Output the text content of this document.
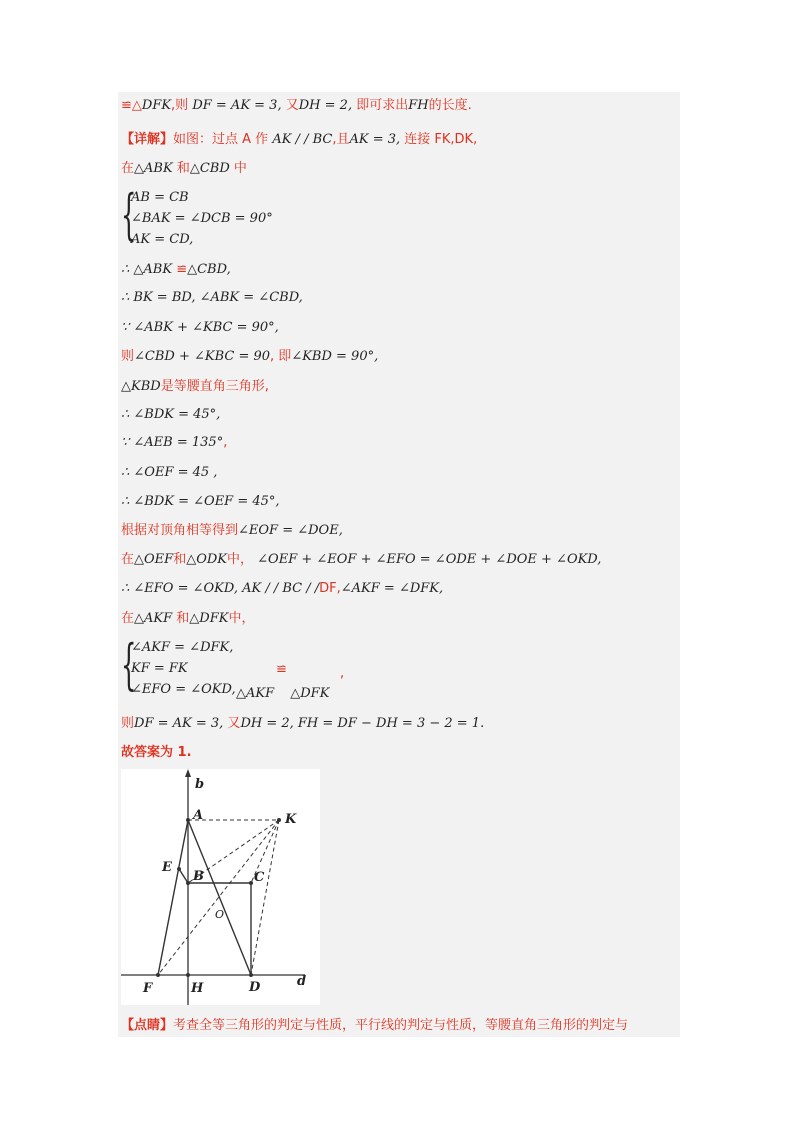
≌△DFK,则 DF = AK = 3, 又DH = 2, 即可求出FH的长度.
【详解】如图：过点 A 作 AK / / BC,且AK = 3, 连接 FK,DK,
在△ABK 和△CBD 中
{
AB = CB
∠BAK = ∠DCB = 90°
AK = CD,
∴ △ABK ≌△CBD,
∴ BK = BD, ∠ABK = ∠CBD,
∵ ∠ABK + ∠KBC = 90°,
则∠CBD + ∠KBC = 90, 即∠KBD = 90°,
△KBD是等腰直角三角形,
∴ ∠BDK = 45°,
∵ ∠AEB = 135°,
∴ ∠OEF = 45 ,
∴ ∠BDK = ∠OEF = 45°,
根据对顶角相等得到∠EOF = ∠DOE,
在△OEF和△ODK中， ∠OEF + ∠EOF + ∠EFO = ∠ODE + ∠DOE + ∠OKD,
∴ ∠EFO = ∠OKD, AK / / BC / /DF,∠AKF = ∠DFK,
在△AKF 和△DFK中，
{
∠AKF = ∠DFK,
KF = FK
∠EFO = ∠OKD,
≌	,
△AKF △DFK
则DF = AK = 3, 又DH = 2, FH = DF − DH = 3 − 2 = 1.
故答案为 1.
b
A	K
E
B	C
O
F	H	D	d
【点睛】考查全等三角形的判定与性质，平行线的判定与性质，等腰直角三角形的判定与
